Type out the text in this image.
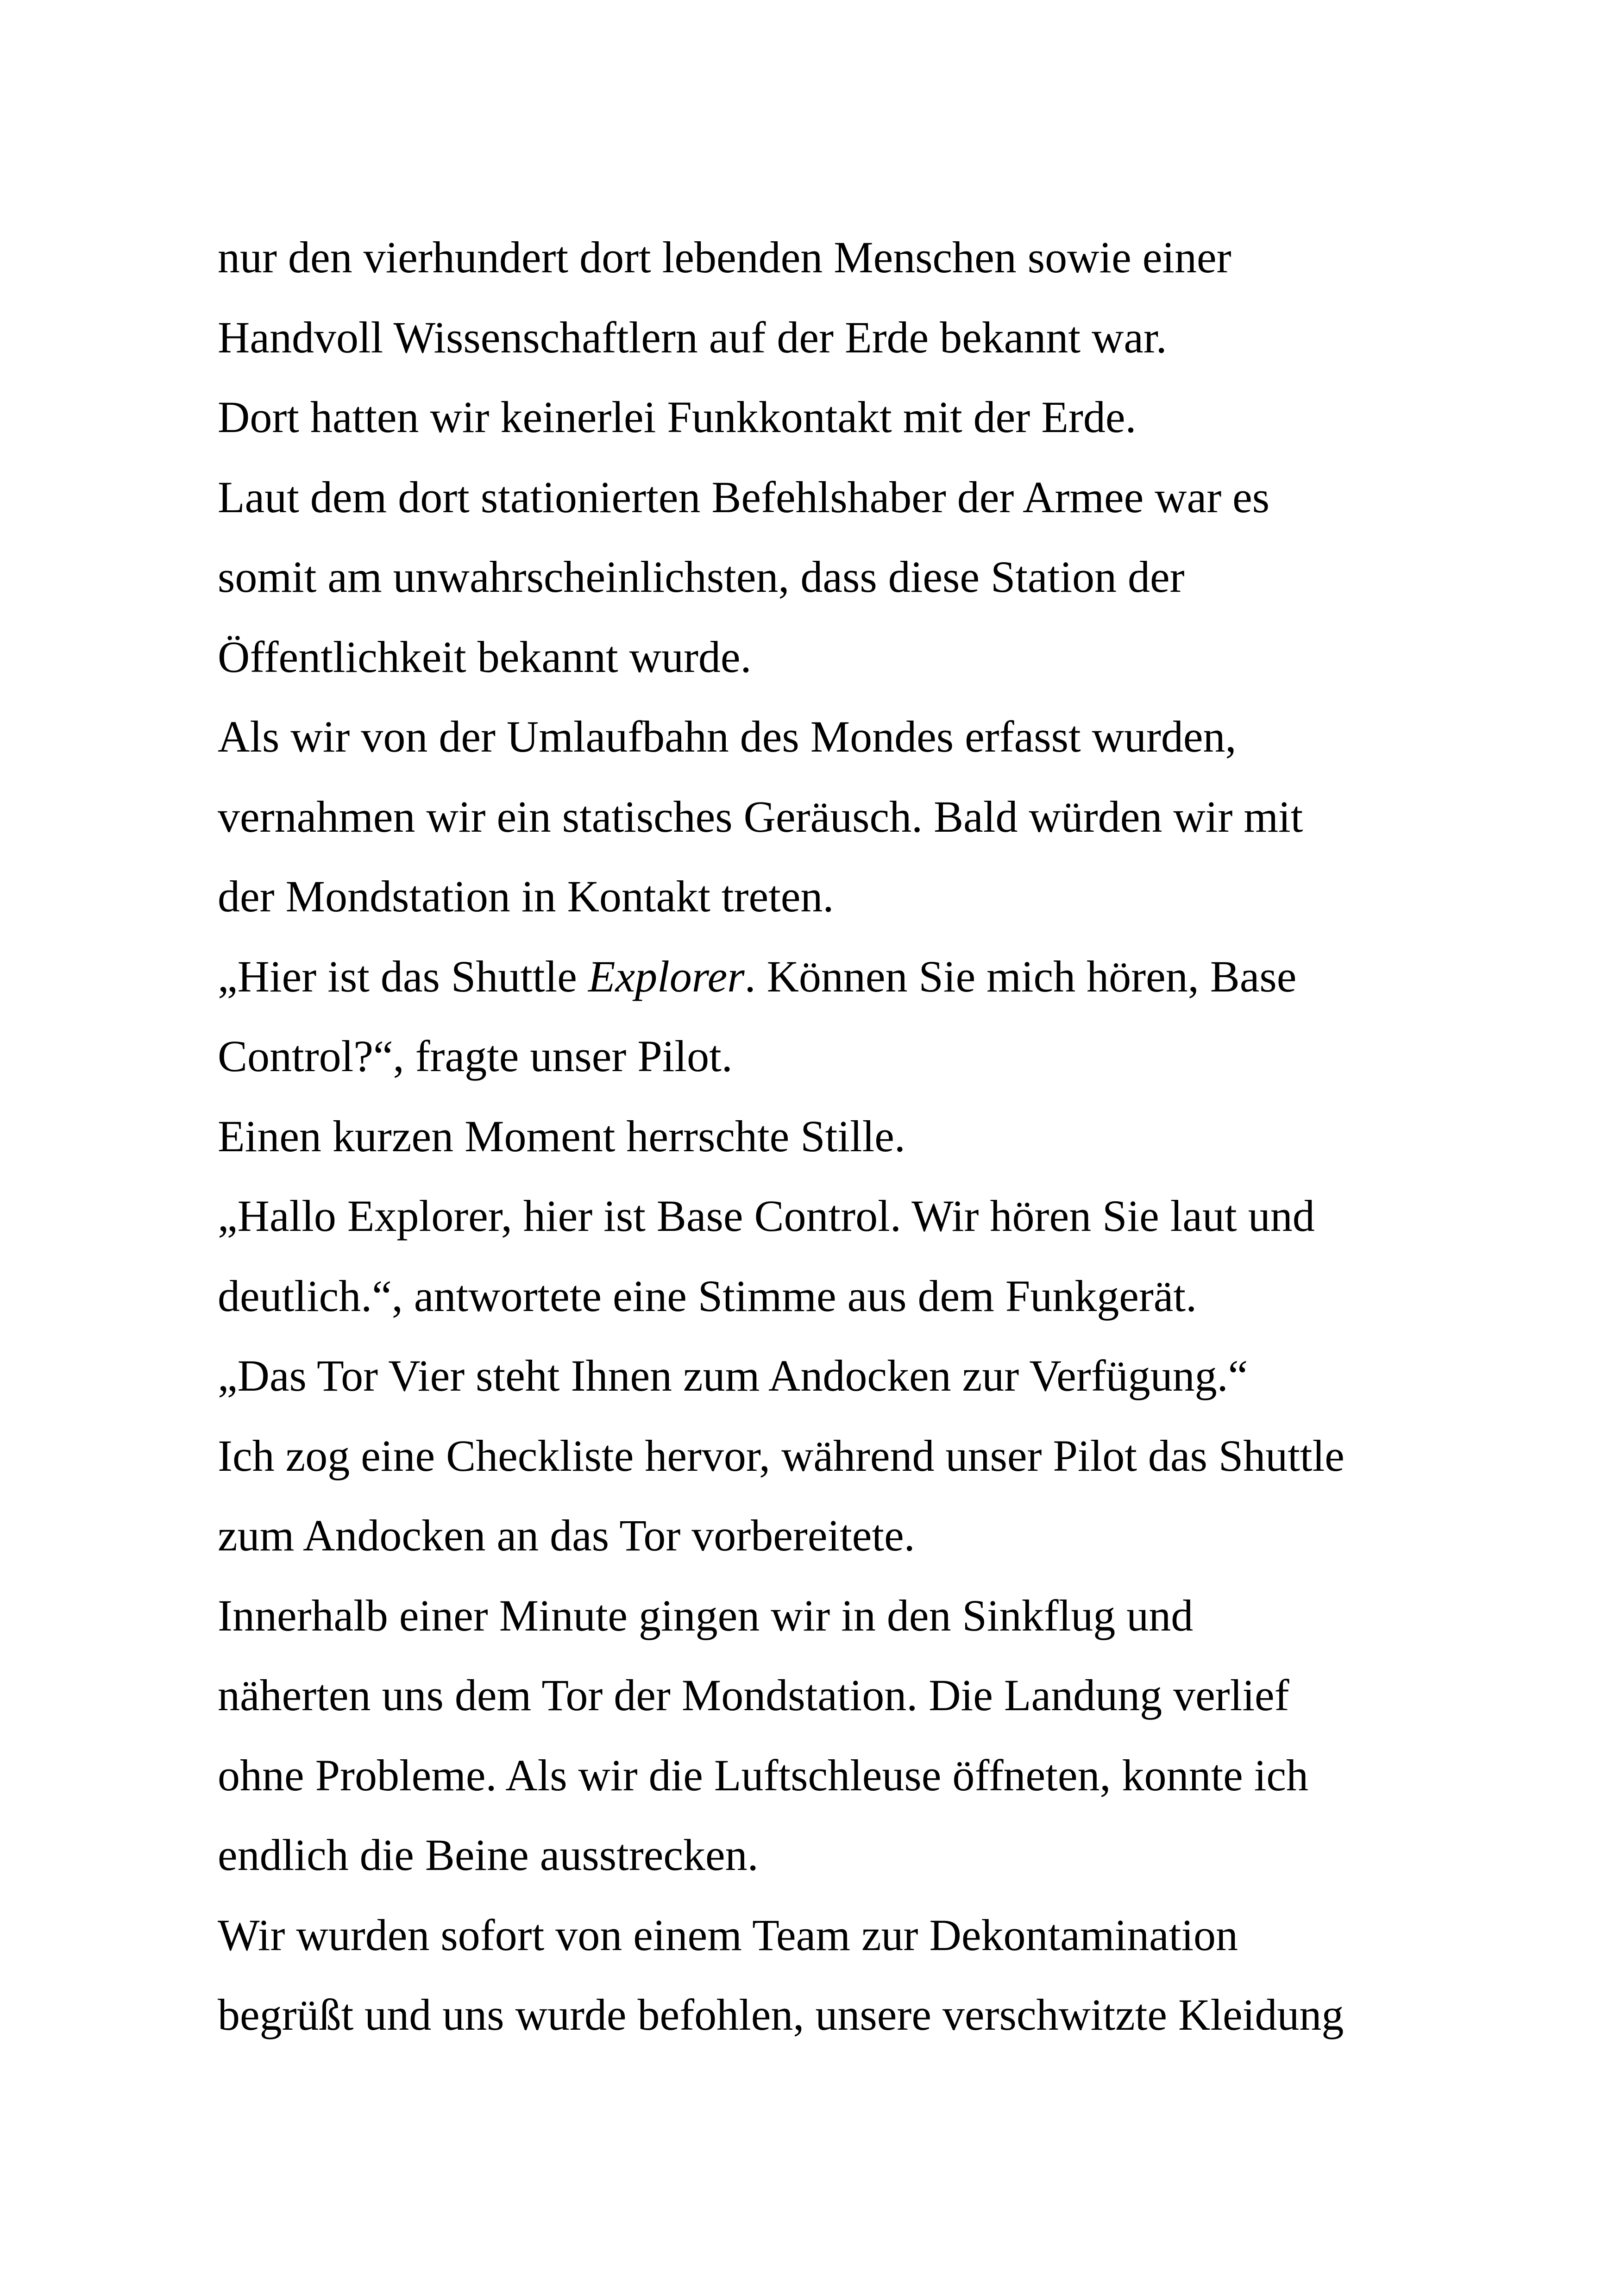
nur den vierhundert dort lebenden Menschen sowie einer
Handvoll Wissenschaftlern auf der Erde bekannt war.
Dort hatten wir keinerlei Funkkontakt mit der Erde.
Laut dem dort stationierten Befehlshaber der Armee war es
somit am unwahrscheinlichsten, dass diese Station der
Öffentlichkeit bekannt wurde.
Als wir von der Umlaufbahn des Mondes erfasst wurden,
vernahmen wir ein statisches Geräusch. Bald würden wir mit
der Mondstation in Kontakt treten.
„Hier ist das Shuttle Explorer. Können Sie mich hören, Base
Control?“, fragte unser Pilot.
Einen kurzen Moment herrschte Stille.
„Hallo Explorer, hier ist Base Control. Wir hören Sie laut und
deutlich.“, antwortete eine Stimme aus dem Funkgerät.
„Das Tor Vier steht Ihnen zum Andocken zur Verfügung.“
Ich zog eine Checkliste hervor, während unser Pilot das Shuttle
zum Andocken an das Tor vorbereitete.
Innerhalb einer Minute gingen wir in den Sinkflug und
näherten uns dem Tor der Mondstation. Die Landung verlief
ohne Probleme. Als wir die Luftschleuse öffneten, konnte ich
endlich die Beine ausstrecken.
Wir wurden sofort von einem Team zur Dekontamination
begrüßt und uns wurde befohlen, unsere verschwitzte Kleidung
